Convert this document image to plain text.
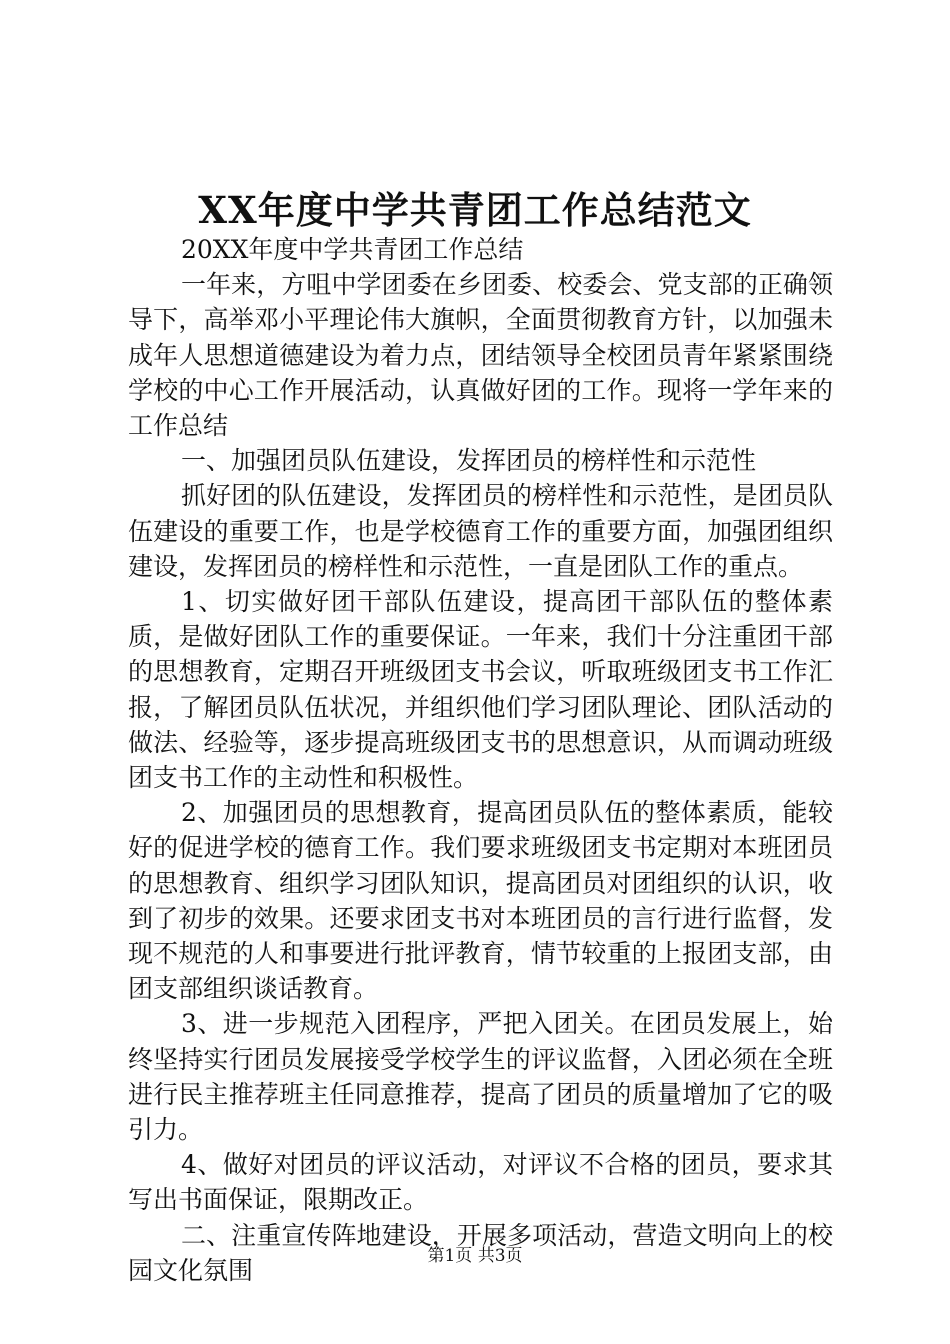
XX年度中学共青团工作总结范文

20XX年度中学共青团工作总结

一年来，方咀中学团委在乡团委、校委会、党支部的正确领导下，高举邓小平理论伟大旗帜，全面贯彻教育方针，以加强未成年人思想道德建设为着力点，团结领导全校团员青年紧紧围绕学校的中心工作开展活动，认真做好团的工作。现将一学年来的工作总结

一、加强团员队伍建设，发挥团员的榜样性和示范性

抓好团的队伍建设，发挥团员的榜样性和示范性，是团员队伍建设的重要工作，也是学校德育工作的重要方面，加强团组织建设，发挥团员的榜样性和示范性，一直是团队工作的重点。

1、切实做好团干部队伍建设，提高团干部队伍的整体素质，是做好团队工作的重要保证。一年来，我们十分注重团干部的思想教育，定期召开班级团支书会议，听取班级团支书工作汇报，了解团员队伍状况，并组织他们学习团队理论、团队活动的做法、经验等，逐步提高班级团支书的思想意识，从而调动班级团支书工作的主动性和积极性。

2、加强团员的思想教育，提高团员队伍的整体素质，能较好的促进学校的德育工作。我们要求班级团支书定期对本班团员的思想教育、组织学习团队知识，提高团员对团组织的认识，收到了初步的效果。还要求团支书对本班团员的言行进行监督，发现不规范的人和事要进行批评教育，情节较重的上报团支部，由团支部组织谈话教育。

3、进一步规范入团程序，严把入团关。在团员发展上，始终坚持实行团员发展接受学校学生的评议监督，入团必须在全班进行民主推荐班主任同意推荐，提高了团员的质量增加了它的吸引力。

4、做好对团员的评议活动，对评议不合格的团员，要求其写出书面保证，限期改正。

二、注重宣传阵地建设，开展多项活动，营造文明向上的校园文化氛围	第1页 共3页
